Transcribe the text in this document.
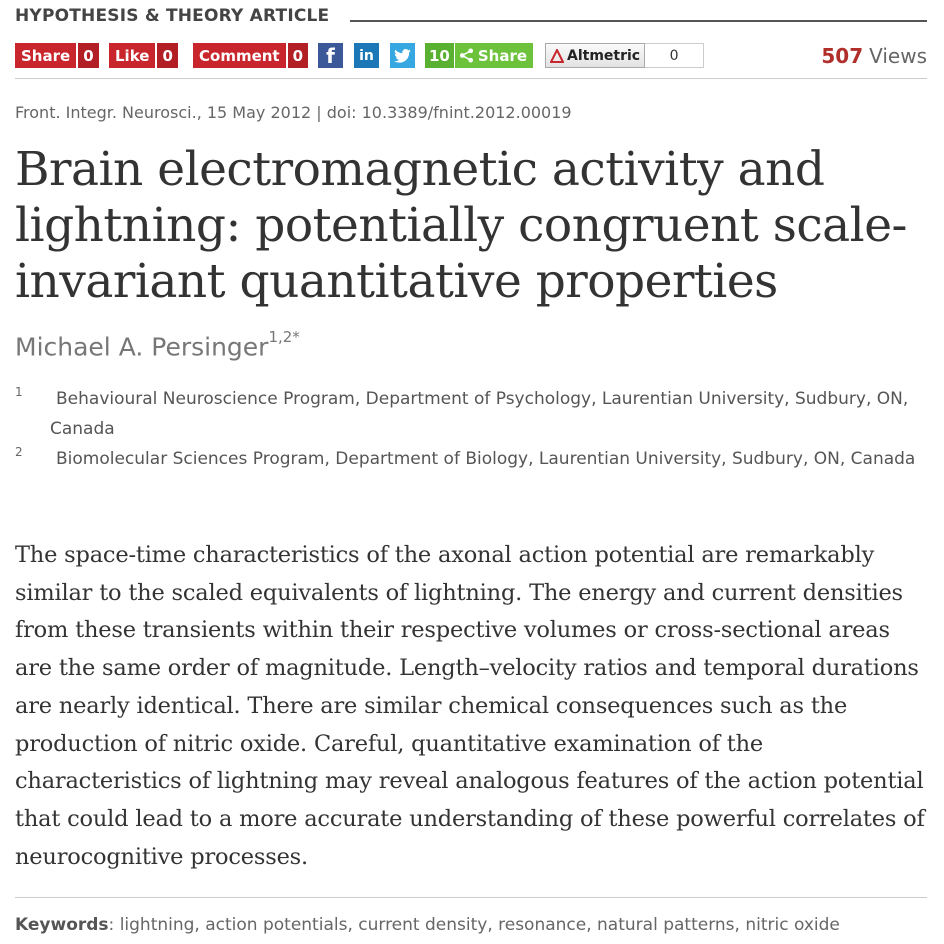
HYPOTHESIS & THEORY ARTICLE
Share 0	Like 0	Comment 0	f	in	10 Share	Altmetric	0	507 Views
Front. Integr. Neurosci., 15 May 2012 | doi: 10.3389/fnint.2012.00019
Brain electromagnetic activity and lightning: potentially congruent scale-invariant quantitative properties
Michael A. Persinger$^{1,2*}$
1	Behavioural Neuroscience Program, Department of Psychology, Laurentian University, Sudbury, ON, Canada
2	Biomolecular Sciences Program, Department of Biology, Laurentian University, Sudbury, ON, Canada

The space-time characteristics of the axonal action potential are remarkably similar to the scaled equivalents of lightning. The energy and current densities from these transients within their respective volumes or cross-sectional areas are the same order of magnitude. Length–velocity ratios and temporal durations are nearly identical. There are similar chemical consequences such as the production of nitric oxide. Careful, quantitative examination of the characteristics of lightning may reveal analogous features of the action potential that could lead to a more accurate understanding of these powerful correlates of neurocognitive processes.

Keywords: lightning, action potentials, current density, resonance, natural patterns, nitric oxide
